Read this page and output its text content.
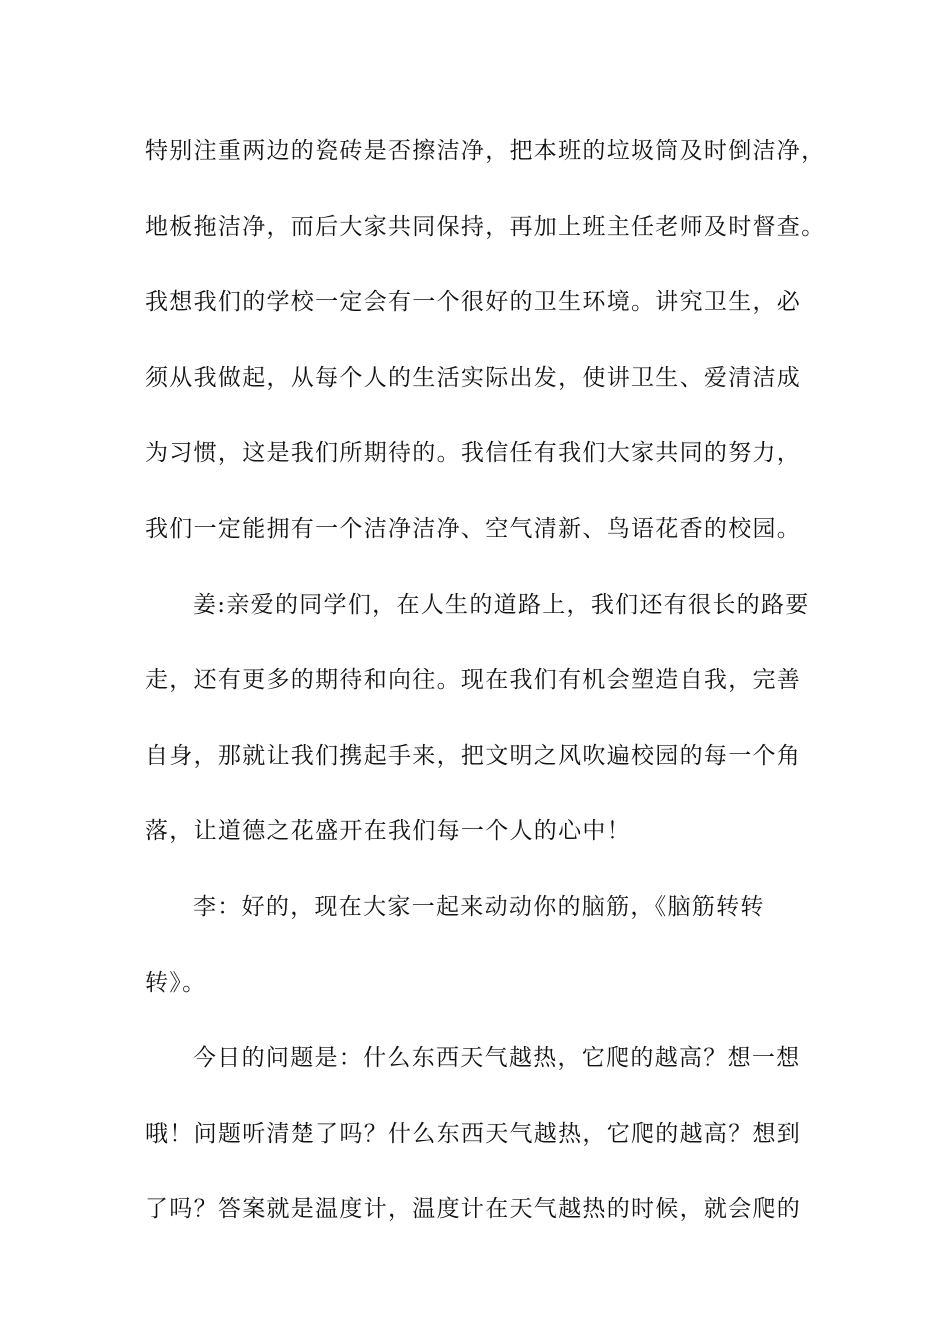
特别注重两边的瓷砖是否擦洁净，把本班的垃圾筒及时倒洁净，
地板拖洁净，而后大家共同保持，再加上班主任老师及时督查。
我想我们的学校一定会有一个很好的卫生环境。讲究卫生，必
须从我做起，从每个人的生活实际出发，使讲卫生、爱清洁成
为习惯，这是我们所期待的。我信任有我们大家共同的努力，
我们一定能拥有一个洁净洁净、空气清新、鸟语花香的校园。
姜:亲爱的同学们，在人生的道路上，我们还有很长的路要
走，还有更多的期待和向往。现在我们有机会塑造自我，完善
自身，那就让我们携起手来，把文明之风吹遍校园的每一个角
落，让道德之花盛开在我们每一个人的心中！
李：好的，现在大家一起来动动你的脑筋，《脑筋转转
转》。
今日的问题是：什么东西天气越热，它爬的越高？想一想
哦！问题听清楚了吗？什么东西天气越热，它爬的越高？想到
了吗？答案就是温度计，温度计在天气越热的时候，就会爬的
